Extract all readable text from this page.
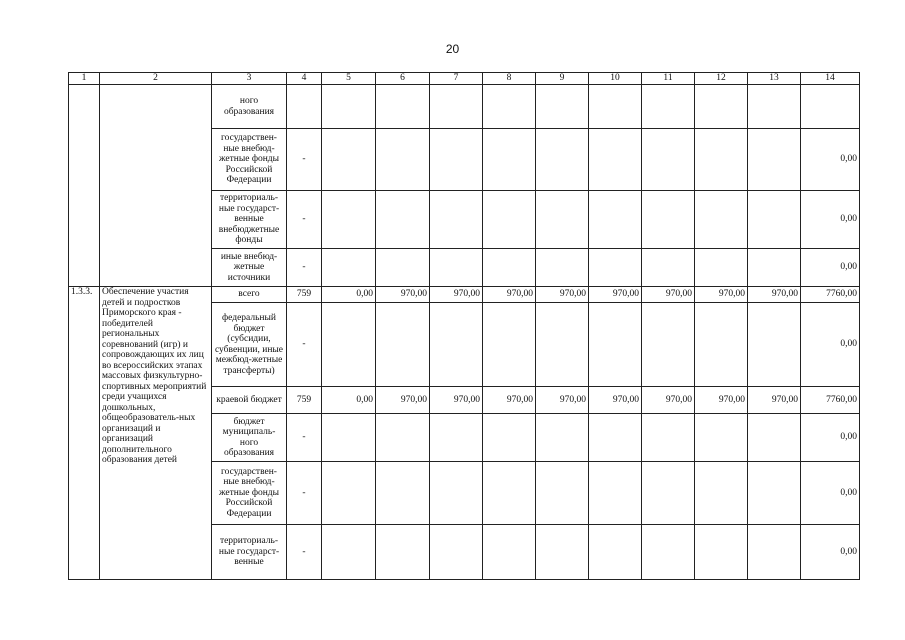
20
1	2	3	4	5	6	7	8	9	10	11	12	13	14
		ного образования											
		государствен-ные внебюд-жетные фонды Российской Федерации	-										0,00
		территориаль-ные государст-венные внебюджетные фонды	-										0,00
		иные внебюд-жетные источники	-										0,00
1.3.3.	Обеспечение участия детей и подростков Приморского края - победителей региональных соревнований (игр) и сопровождающих их лиц во всероссийских этапах массовых физкультурно-спортивных мероприятий среди учащихся дошкольных, общеобразователь-ных организаций и организаций дополнительного образования детей	всего	759	0,00	970,00	970,00	970,00	970,00	970,00	970,00	970,00	970,00	7760,00
		федеральный бюджет (субсидии, субвенции, иные межбюд-жетные трансферты)	-										0,00
		краевой бюджет	759	0,00	970,00	970,00	970,00	970,00	970,00	970,00	970,00	970,00	7760,00
		бюджет муниципаль-ного образования	-										0,00
		государствен-ные внебюд-жетные фонды Российской Федерации	-										0,00
		территориаль-ные государст-венные	-										0,00
